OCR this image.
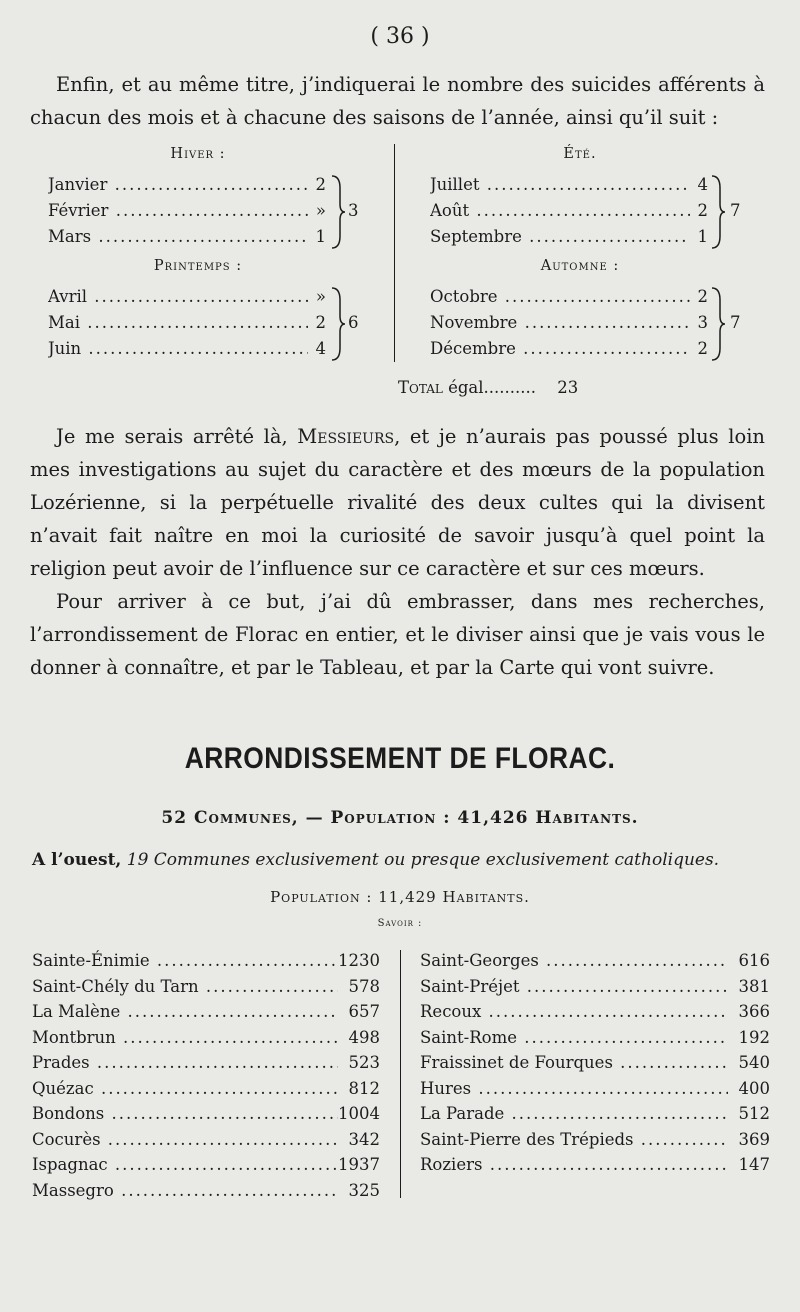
( 36 )

Enfin, et au même titre, j’indiquerai le nombre des suicides afférents à chacun des mois et à chacune des saisons de l’année, ainsi qu’il suit :

Hiver :
Janvier .....	2
Février .....	»
Mars .....	1
3
Printemps :
Avril .....	»
Mai .....	2
Juin .....	4
6
Été.
Juillet .....	4
Août .....	2
Septembre .....	1
7
Automne :
Octobre .....	2
Novembre .....	3
Décembre .....	2
7
Total égal.......... 23

Je me serais arrêté là, Messieurs, et je n’aurais pas poussé plus loin mes investigations au sujet du caractère et des mœurs de la population Lozérienne, si la perpétuelle rivalité des deux cultes qui la divisent n’avait fait naître en moi la curiosité de savoir jusqu’à quel point la religion peut avoir de l’influence sur ce caractère et sur ces mœurs.

Pour arriver à ce but, j’ai dû embrasser, dans mes recherches, l’arrondissement de Florac en entier, et le diviser ainsi que je vais vous le donner à connaître, et par le Tableau, et par la Carte qui vont suivre.

ARRONDISSEMENT DE FLORAC.
52 Communes, — Population : 41,426 Habitants.
A l’ouest, 19 Communes exclusivement ou presque exclusivement catholiques.
Population : 11,429 Habitants.
Savoir :
Sainte-Énimie .....	1230
Saint-Chély du Tarn .....	578
La Malène .....	657
Montbrun .....	498
Prades .....	523
Quézac .....	812
Bondons .....	1004
Cocurès .....	342
Ispagnac .....	1937
Massegro .....	325
Saint-Georges .....	616
Saint-Préjet .....	381
Recoux .....	366
Saint-Rome .....	192
Fraissinet de Fourques .....	540
Hures .....	400
La Parade .....	512
Saint-Pierre des Trépieds .....	369
Roziers .....	147
